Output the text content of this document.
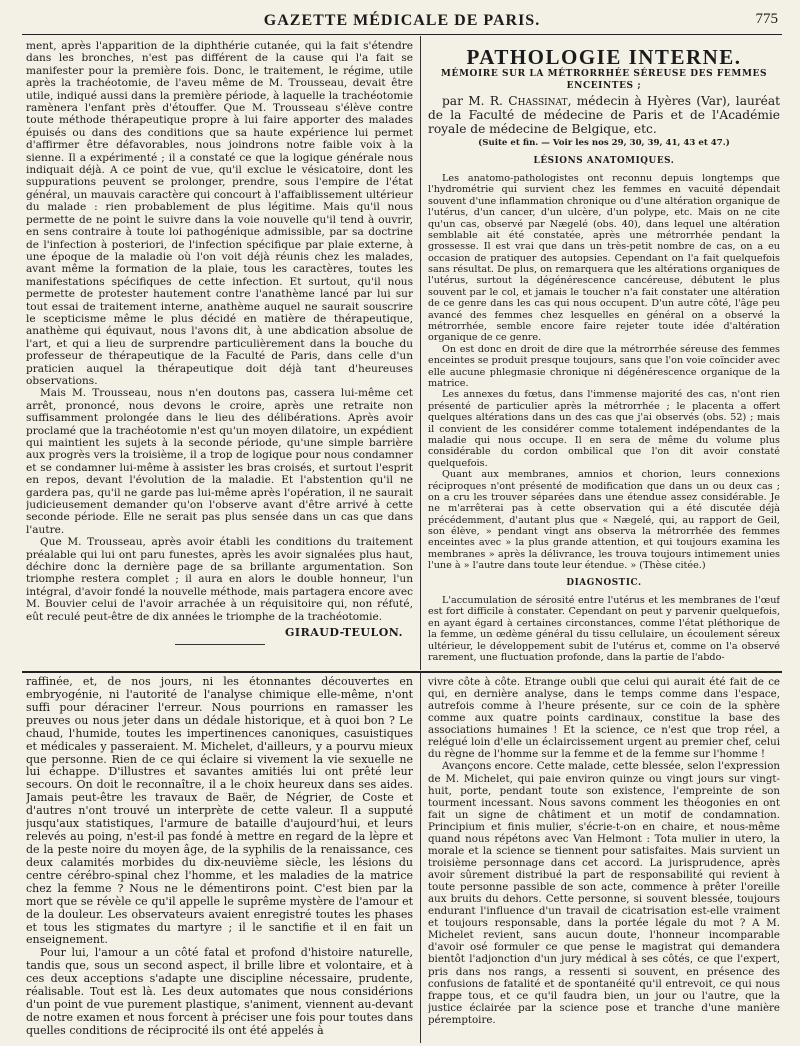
GAZETTE MÉDICALE DE PARIS.	775

ment, après l'apparition de la diphthérie cutanée, qui la fait s'étendre dans les bronches, n'est pas différent de la cause qui l'a fait se manifester pour la première fois. Donc, le traitement, le régime, utile après la trachéotomie, de l'aveu même de M. Trousseau, devait être utile, indiqué aussi dans la première période, à laquelle la trachéotomie ramènera l'enfant près d'étouffer. Que M. Trousseau s'élève contre toute méthode thérapeutique propre à lui faire apporter des malades épuisés ou dans des conditions que sa haute expérience lui permet d'affirmer être défavorables, nous joindrons notre faible voix à la sienne. Il a expérimenté ; il a constaté ce que la logique générale nous indiquait déjà. A ce point de vue, qu'il exclue le vésicatoire, dont les suppurations peuvent se prolonger, prendre, sous l'empire de l'état général, un mauvais caractère qui concourt à l'affaiblissement ultérieur du malade : rien probablement de plus légitime. Mais qu'il nous permette de ne point le suivre dans la voie nouvelle qu'il tend à ouvrir, en sens contraire à toute loi pathogénique admissible, par sa doctrine de l'infection à posteriori, de l'infection spécifique par plaie externe, à une époque de la maladie où l'on voit déjà réunis chez les malades, avant même la formation de la plaie, tous les caractères, toutes les manifestations spécifiques de cette infection. Et surtout, qu'il nous permette de protester hautement contre l'anathème lancé par lui sur tout essai de traitement interne, anathème auquel ne saurait souscrire le scepticisme même le plus décidé en matière de thérapeutique, anathème qui équivaut, nous l'avons dit, à une abdication absolue de l'art, et qui a lieu de surprendre particulièrement dans la bouche du professeur de thérapeutique de la Faculté de Paris, dans celle d'un praticien auquel la thérapeutique doit déjà tant d'heureuses observations.

Mais M. Trousseau, nous n'en doutons pas, cassera lui-même cet arrêt, prononcé, nous devons le croire, après une retraite non suffisamment prolongée dans le lieu des délibérations. Après avoir proclamé que la trachéotomie n'est qu'un moyen dilatoire, un expédient qui maintient les sujets à la seconde période, qu'une simple barrière aux progrès vers la troisième, il a trop de logique pour nous condamner et se condamner lui-même à assister les bras croisés, et surtout l'esprit en repos, devant l'évolution de la maladie. Et l'abstention qu'il ne gardera pas, qu'il ne garde pas lui-même après l'opération, il ne saurait judicieusement demander qu'on l'observe avant d'être arrivé à cette seconde période. Elle ne serait pas plus sensée dans un cas que dans l'autre.

Que M. Trousseau, après avoir établi les conditions du traitement préalable qui lui ont paru funestes, après les avoir signalées plus haut, déchire donc la dernière page de sa brillante argumentation. Son triomphe restera complet ; il aura en alors le double honneur, l'un intégral, d'avoir fondé la nouvelle méthode, mais partagera encore avec M. Bouvier celui de l'avoir arrachée à un réquisitoire qui, non réfuté, eût reculé peut-être de dix années le triomphe de la trachéotomie.

GIRAUD-TEULON.
PATHOLOGIE INTERNE.
MÉMOIRE SUR LA MÉTRORRHÉE SÉREUSE DES FEMMES ENCEINTES ;

par M. R. Chassinat, médecin à Hyères (Var), lauréat de la Faculté de médecine de Paris et de l'Académie royale de médecine de Belgique, etc.

(Suite et fin. — Voir les nos 29, 30, 39, 41, 43 et 47.)
LÉSIONS ANATOMIQUES.

Les anatomo-pathologistes ont reconnu depuis longtemps que l'hydrométrie qui survient chez les femmes en vacuité dépendait souvent d'une inflammation chronique ou d'une altération organique de l'utérus, d'un cancer, d'un ulcère, d'un polype, etc. Mais on ne cite qu'un cas, observé par Nægelé (obs. 40), dans lequel une altération semblable ait été constatée, après une métrorrhée pendant la grossesse. Il est vrai que dans un très-petit nombre de cas, on a eu occasion de pratiquer des autopsies. Cependant on l'a fait quelquefois sans résultat. De plus, on remarquera que les altérations organiques de l'utérus, surtout la dégénérescence cancéreuse, débutent le plus souvent par le col, et jamais le toucher n'a fait constater une altération de ce genre dans les cas qui nous occupent. D'un autre côté, l'âge peu avancé des femmes chez lesquelles en général on a observé la métrorrhée, semble encore faire rejeter toute idée d'altération organique de ce genre.

On est donc en droit de dire que la métrorrhée séreuse des femmes enceintes se produit presque toujours, sans que l'on voie coïncider avec elle aucune phlegmasie chronique ni dégénérescence organique de la matrice.

Les annexes du fœtus, dans l'immense majorité des cas, n'ont rien présenté de particulier après la métrorrhée ; le placenta a offert quelques altérations dans un des cas que j'ai observés (obs. 52) ; mais il convient de les considérer comme totalement indépendantes de la maladie qui nous occupe. Il en sera de même du volume plus considérable du cordon ombilical que l'on dit avoir constaté quelquefois.

Quant aux membranes, amnios et chorion, leurs connexions réciproques n'ont présenté de modification que dans un ou deux cas ; on a cru les trouver séparées dans une étendue assez considérable. Je ne m'arrêterai pas à cette observation qui a été discutée déjà précédemment, d'autant plus que « Nægelé, qui, au rapport de Geil, son élève, » pendant vingt ans observa la métrorrhée des femmes enceintes avec » la plus grande attention, et qui toujours examina les membranes » après la délivrance, les trouva toujours intimement unies l'une à » l'autre dans toute leur étendue. » (Thèse citée.)

DIAGNOSTIC.

L'accumulation de sérosité entre l'utérus et les membranes de l'œuf est fort difficile à constater. Cependant on peut y parvenir quelquefois, en ayant égard à certaines circonstances, comme l'état pléthorique de la femme, un œdème général du tissu cellulaire, un écoulement séreux ultérieur, le développement subit de l'utérus et, comme on l'a observé rarement, une fluctuation profonde, dans la partie de l'abdo-

raffinée, et, de nos jours, ni les étonnantes découvertes en embryogénie, ni l'autorité de l'analyse chimique elle-même, n'ont suffi pour déraciner l'erreur. Nous pourrions en ramasser les preuves ou nous jeter dans un dédale historique, et à quoi bon ? Le chaud, l'humide, toutes les impertinences canoniques, casuistiques et médicales y passeraient. M. Michelet, d'ailleurs, y a pourvu mieux que personne. Rien de ce qui éclaire si vivement la vie sexuelle ne lui échappe. D'illustres et savantes amitiés lui ont prêté leur secours. On doit le reconnaître, il a le choix heureux dans ses aides. Jamais peut-être les travaux de Baër, de Négrier, de Coste et d'autres n'ont trouvé un interprète de cette valeur. Il a supputé jusqu'aux statistiques, l'armure de bataille d'aujourd'hui, et leurs relevés au poing, n'est-il pas fondé à mettre en regard de la lèpre et de la peste noire du moyen âge, de la syphilis de la renaissance, ces deux calamités morbides du dix-neuvième siècle, les lésions du centre cérébro-spinal chez l'homme, et les maladies de la matrice chez la femme ? Nous ne le démentirons point. C'est bien par la mort que se révèle ce qu'il appelle le suprême mystère de l'amour et de la douleur. Les observateurs avaient enregistré toutes les phases et tous les stigmates du martyre ; il le sanctifie et il en fait un enseignement.

Pour lui, l'amour a un côté fatal et profond d'histoire naturelle, tandis que, sous un second aspect, il brille libre et volontaire, et à ces deux acceptions s'adapte une discipline nécessaire, prudente, réalisable. Tout est là. Les deux automates que nous considérions d'un point de vue purement plastique, s'animent, viennent au-devant de notre examen et nous forcent à préciser une fois pour toutes dans quelles conditions de réciprocité ils ont été appelés à

vivre côte à côte. Etrange oubli que celui qui aurait été fait de ce qui, en dernière analyse, dans le temps comme dans l'espace, autrefois comme à l'heure présente, sur ce coin de la sphère comme aux quatre points cardinaux, constitue la base des associations humaines ! Et la science, ce n'est que trop réel, a relégué loin d'elle un éclaircissement urgent au premier chef, celui du règne de l'homme sur la femme et de la femme sur l'homme !

Avançons encore. Cette malade, cette blessée, selon l'expression de M. Michelet, qui paie environ quinze ou vingt jours sur vingt-huit, porte, pendant toute son existence, l'empreinte de son tourment incessant. Nous savons comment les théogonies en ont fait un signe de châtiment et un motif de condamnation. Principium et finis mulier, s'écrie-t-on en chaire, et nous-même quand nous répétons avec Van Helmont : Tota mulier in utero, la morale et la science se tiennent pour satisfaites. Mais survient un troisième personnage dans cet accord. La jurisprudence, après avoir sûrement distribué la part de responsabilité qui revient à toute personne passible de son acte, commence à prêter l'oreille aux bruits du dehors. Cette personne, si souvent blessée, toujours endurant l'influence d'un travail de cicatrisation est-elle vraiment et toujours responsable, dans la portée légale du mot ? A M. Michelet revient, sans aucun doute, l'honneur incomparable d'avoir osé formuler ce que pense le magistrat qui demandera bientôt l'adjonction d'un jury médical à ses côtés, ce que l'expert, pris dans nos rangs, a ressenti si souvent, en présence des confusions de fatalité et de spontanéité qu'il entrevoit, ce qui nous frappe tous, et ce qu'il faudra bien, un jour ou l'autre, que la justice éclairée par la science pose et tranche d'une manière péremptoire.
